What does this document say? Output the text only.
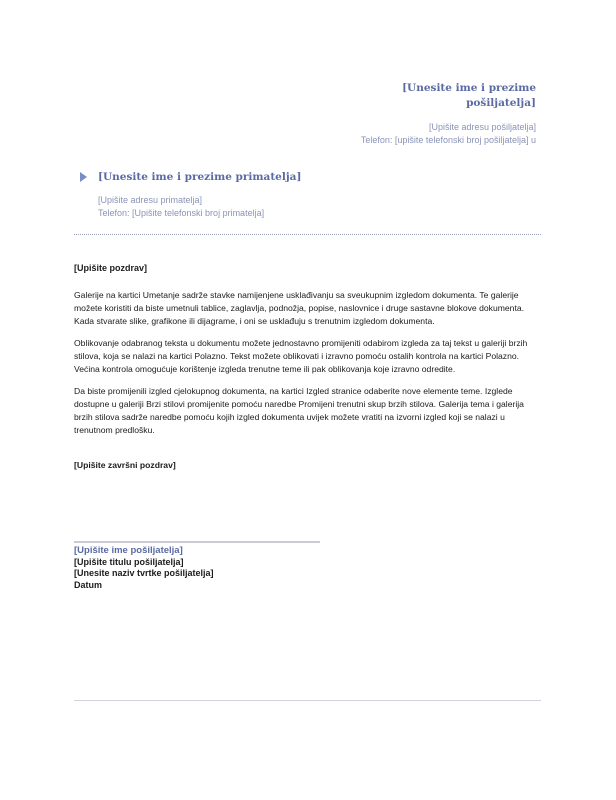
[Unesite ime i prezime pošiljatelja]

[Upišite adresu pošiljatelja]
Telefon: [upišite telefonski broj pošiljatelja] u
[Unesite ime i prezime primatelja]
[Upišite adresu primatelja]
Telefon: [Upišite telefonski broj primatelja]

[Upišite pozdrav]

Galerije na kartici Umetanje sadrže stavke namijenjene usklađivanju sa sveukupnim izgledom dokumenta. Te galerije možete koristiti da biste umetnuli tablice, zaglavlja, podnožja, popise, naslovnice i druge sastavne blokove dokumenta. Kada stvarate slike, grafikone ili dijagrame, i oni se usklađuju s trenutnim izgledom dokumenta.

Oblikovanje odabranog teksta u dokumentu možete jednostavno promijeniti odabirom izgleda za taj tekst u galeriji brzih stilova, koja se nalazi na kartici Polazno. Tekst možete oblikovati i izravno pomoću ostalih kontrola na kartici Polazno. Većina kontrola omogućuje korištenje izgleda trenutne teme ili pak oblikovanja koje izravno odredite.

Da biste promijenili izgled cjelokupnog dokumenta, na kartici Izgled stranice odaberite nove elemente teme. Izglede dostupne u galeriji Brzi stilovi promijenite pomoću naredbe Promijeni trenutni skup brzih stilova. Galerija tema i galerija brzih stilova sadrže naredbe pomoću kojih izgled dokumenta uvijek možete vratiti na izvorni izgled koji se nalazi u trenutnom predlošku.

[Upišite završni pozdrav]
[Upišite ime pošiljatelja]
[Upišite titulu pošiljatelja]
[Unesite naziv tvrtke pošiljatelja]
Datum
